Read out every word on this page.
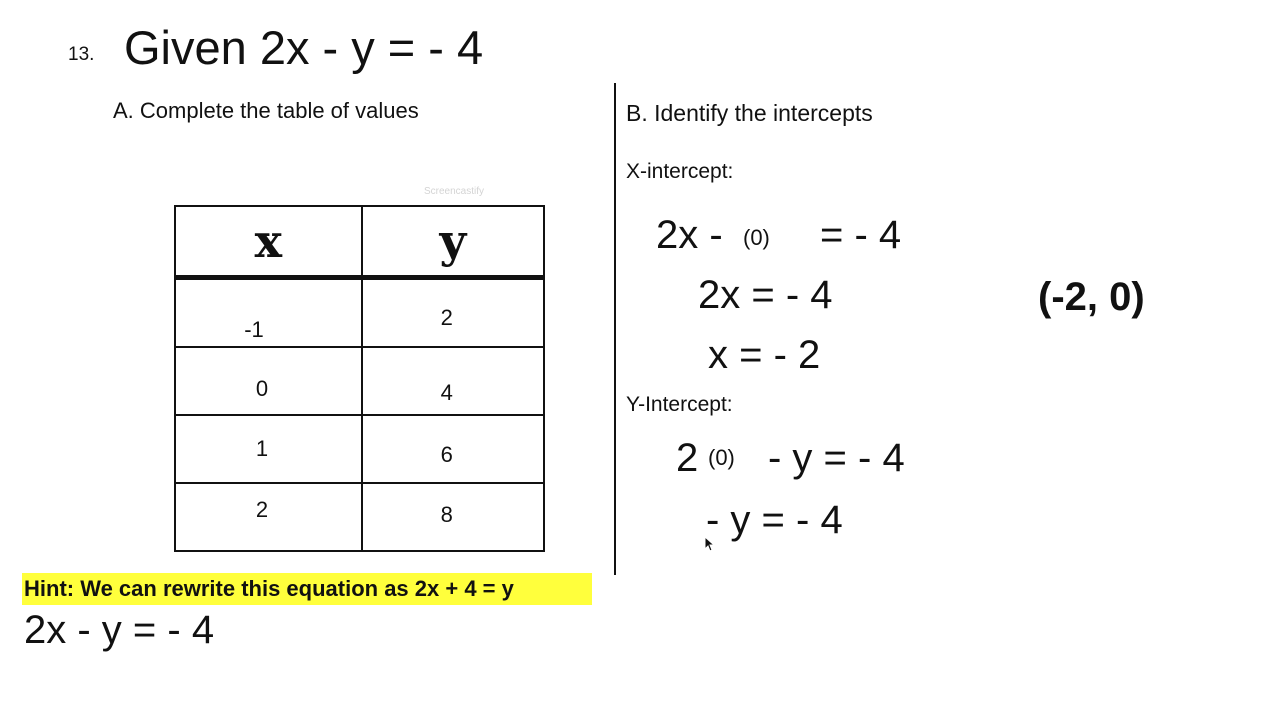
13. Given 2x - y = - 4
A. Complete the table of values
Screencastify
x	y

-1	2

0	4

1	6

2	8
B. Identify the intercepts
X-intercept:
2x - (0) = - 4
2x = - 4
x = - 2
(-2, 0)
Y-Intercept:
2 (0) - y = - 4
- y = - 4
Hint: We can rewrite this equation as 2x + 4 = y
2x - y = - 4
